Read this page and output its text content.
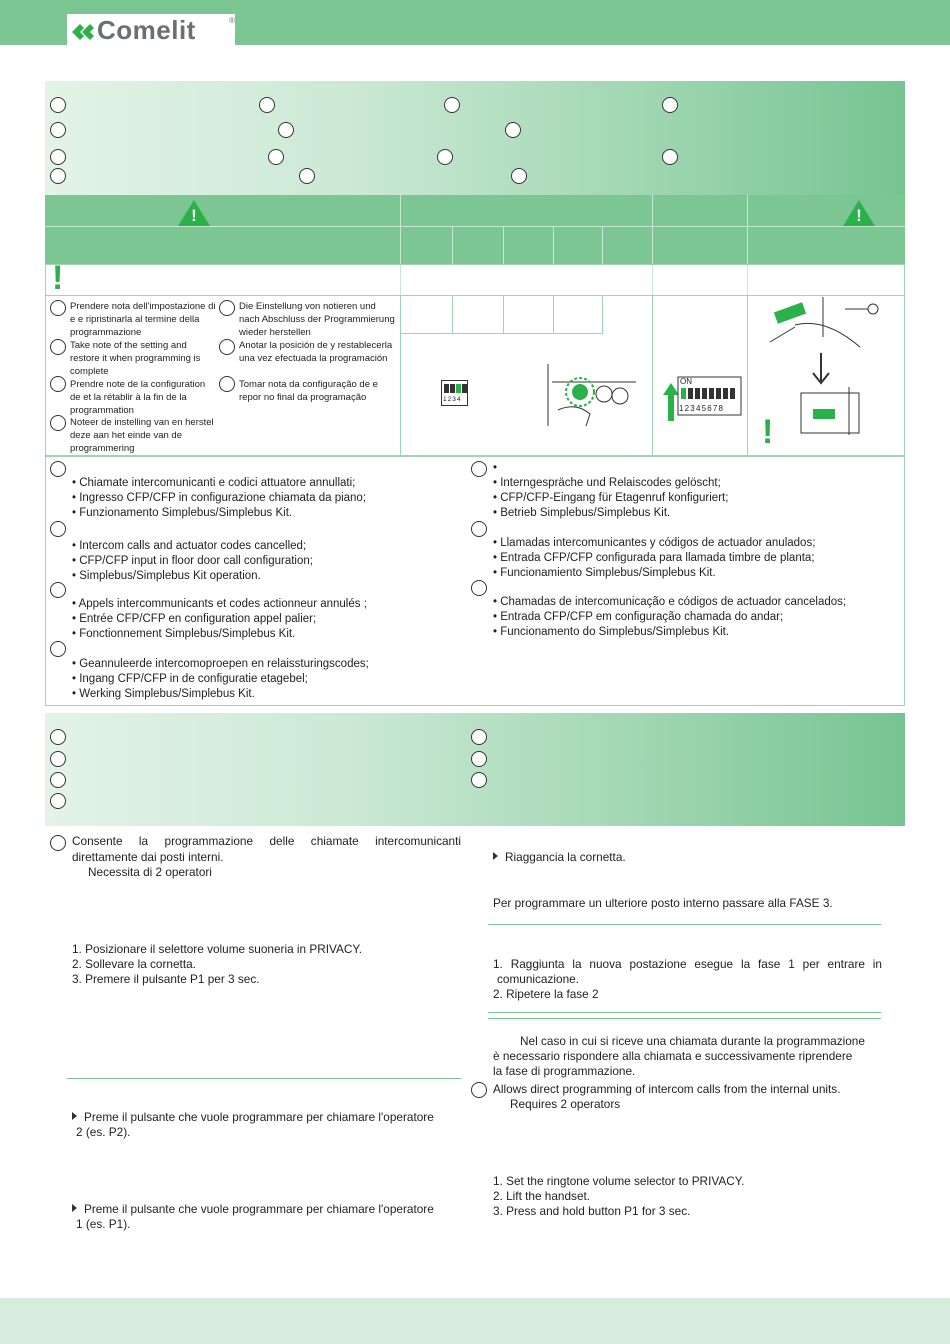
Comelit	®
!	!
!
Prendere nota dell'impostazione di e e ripristinarla al termine della programmazione
Take note of the setting and restore it when programming is complete
Prendre note de la configuration de et la rétablir à la fin de la programmation
Noteer de instelling van en herstel deze aan het einde van de programmering
Die Einstellung von notieren und nach Abschluss der Programmierung wieder herstellen
Anotar la posición de y restablecerla una vez efectuada la programación
Tomar nota da configuração de e repor no final da programação	1234
ON
12345678
!
• Chiamate intercomunicanti e codici attuatore annullati;
• Ingresso CFP/CFP in configurazione chiamata da piano;
• Funzionamento Simplebus/Simplebus Kit.
• Intercom calls and actuator codes cancelled;
• CFP/CFP input in floor door call configuration;
• Simplebus/Simplebus Kit operation.
• Appels intercommunicants et codes actionneur annulés ;
• Entrée CFP/CFP en configuration appel palier;
• Fonctionnement Simplebus/Simplebus Kit.
• Geannuleerde intercomoproepen en relaissturingscodes;
• Ingang CFP/CFP in de configuratie etagebel;
• Werking Simplebus/Simplebus Kit.
•
• Interngespräche und Relaiscodes gelöscht;
• CFP/CFP-Eingang für Etagenruf konfiguriert;
• Betrieb Simplebus/Simplebus Kit.
• Llamadas intercomunicantes y códigos de actuador anulados;
• Entrada CFP/CFP configurada para llamada timbre de planta;
• Funcionamiento Simplebus/Simplebus Kit.
• Chamadas de intercomunicação e códigos de actuador cancelados;
• Entrada CFP/CFP em configuração chamada do andar;
• Funcionamento do Simplebus/Simplebus Kit.
Consente la programmazione delle chiamate intercomunicanti
direttamente dai posti interni.
Necessita di 2 operatori
1. Posizionare il selettore volume suoneria in PRIVACY.
2. Sollevare la cornetta.
3. Premere il pulsante P1 per 3 sec.
Preme il pulsante che vuole programmare per chiamare l'operatore
2 (es. P2).
Preme il pulsante che vuole programmare per chiamare l'operatore
1 (es. P1).
Riaggancia la cornetta.
Per programmare un ulteriore posto interno passare alla FASE 3.
1. Raggiunta la nuova postazione esegue la fase 1 per entrare in
comunicazione.
2. Ripetere la fase 2
Nel caso in cui si riceve una chiamata durante la programmazione
è necessario rispondere alla chiamata e successivamente riprendere
la fase di programmazione.
Allows direct programming of intercom calls from the internal units.
Requires 2 operators
1. Set the ringtone volume selector to PRIVACY.
2. Lift the handset.
3. Press and hold button P1 for 3 sec.
